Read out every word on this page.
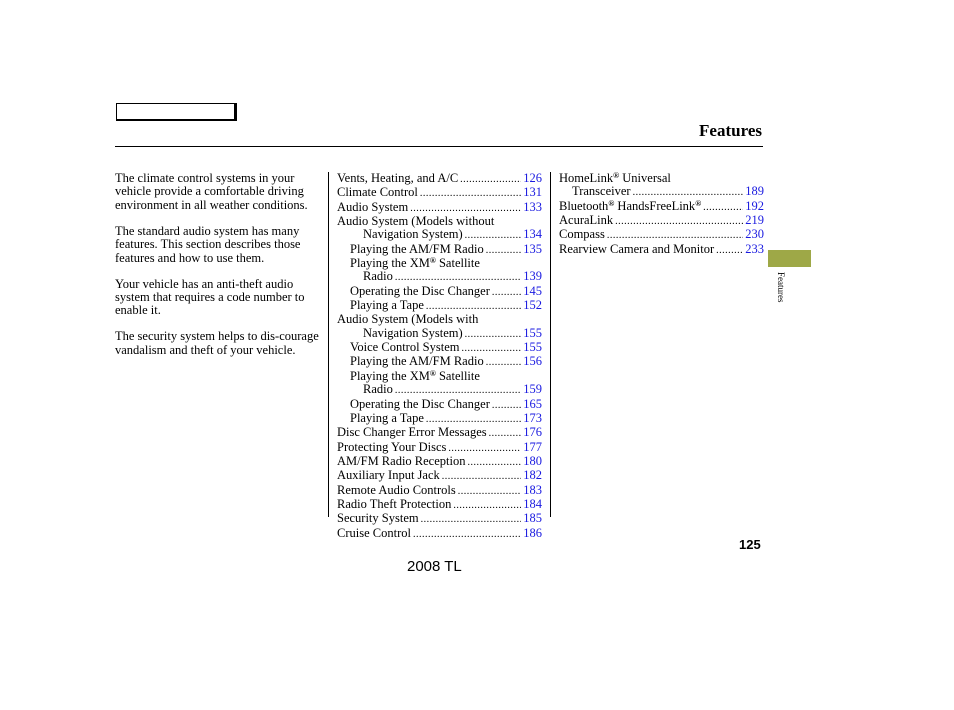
Features

The climate control systems in your vehicle provide a comfortable driving environment in all weather conditions.

The standard audio system has many features. This section describes those features and how to use them.

Your vehicle has an anti-theft audio system that requires a code number to enable it.

The security system helps to dis-courage vandalism and theft of your vehicle.

Vents, Heating, and A/C .....	126
Climate Control .....	131
Audio System .....	133
Audio System (Models without
Navigation System) .....	134
Playing the AM/FM Radio .....	135
Playing the XM® Satellite
Radio .....	139
Operating the Disc Changer .....	145
Playing a Tape .....	152
Audio System (Models with
Navigation System) .....	155
Voice Control System .....	155
Playing the AM/FM Radio .....	156
Playing the XM® Satellite
Radio .....	159
Operating the Disc Changer .....	165
Playing a Tape .....	173
Disc Changer Error Messages .....	176
Protecting Your Discs .....	177
AM/FM Radio Reception .....	180
Auxiliary Input Jack .....	182
Remote Audio Controls .....	183
Radio Theft Protection .....	184
Security System .....	185
Cruise Control .....	186
HomeLink® Universal
Transceiver .....	189
Bluetooth® HandsFreeLink® .....	192
AcuraLink .....	219
Compass .....	230
Rearview Camera and Monitor ..... 233
Features
125
2008 TL
